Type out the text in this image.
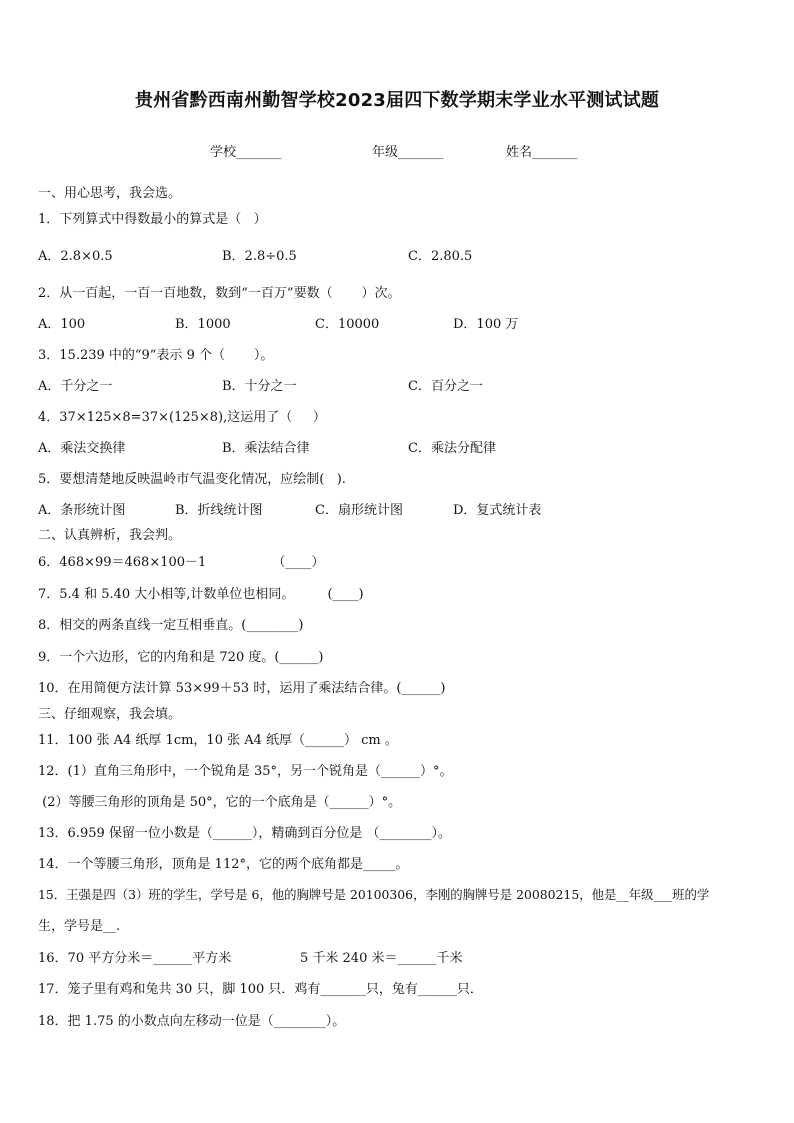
贵州省黔西南州勤智学校2023届四下数学期末学业水平测试试题
学校_______	年级_______	姓名_______
一、用心思考，我会选。
1．下列算式中得数最小的算式是（   ）
A．2.8×0.5	B．2.8÷0.5	C．2.80.5
2．从一百起，一百一百地数，数到“一百万”要数（       ）次。
A．100	B．1000	C．10000	D．100 万
3．15.239 中的“9”表示 9 个（       ）。
A．千分之一	B．十分之一	C．百分之一
4．37×125×8=37×(125×8),这运用了（     ）
A．乘法交换律	B．乘法结合律	C．乘法分配律
5．要想清楚地反映温岭市气温变化情况，应绘制(   ).
A．条形统计图	B．折线统计图	C．扇形统计图	D．复式统计表
二、认真辨析，我会判。
6．468×99＝468×100－1                （____）
7．5.4 和 5.40 大小相等,计数单位也相同。        (____)
8．相交的两条直线一定互相垂直。(________)
9．一个六边形，它的内角和是 720 度。(______)
10．在用简便方法计算 53×99＋53 时，运用了乘法结合律。(______)
三、仔细观察，我会填。
11．100 张 A4 纸厚 1cm，10 张 A4 纸厚（______） cm 。
12．(1）直角三角形中，一个锐角是 35°，另一个锐角是（______）°。
(2）等腰三角形的顶角是 50°，它的一个底角是（______）°。
13．6.959 保留一位小数是（______），精确到百分位是 （________）。
14．一个等腰三角形，顶角是 112°，它的两个底角都是_____。
15．王强是四（3）班的学生，学号是 6，他的胸牌号是 20100306，李刚的胸牌号是 20080215，他是__年级___班的学
生，学号是__.
16．70 平方分米＝______平方米	5 千米 240 米＝______千米
17．笼子里有鸡和兔共 30 只，脚 100 只．鸡有_______只，兔有______只．
18．把 1.75 的小数点向左移动一位是（________）。
